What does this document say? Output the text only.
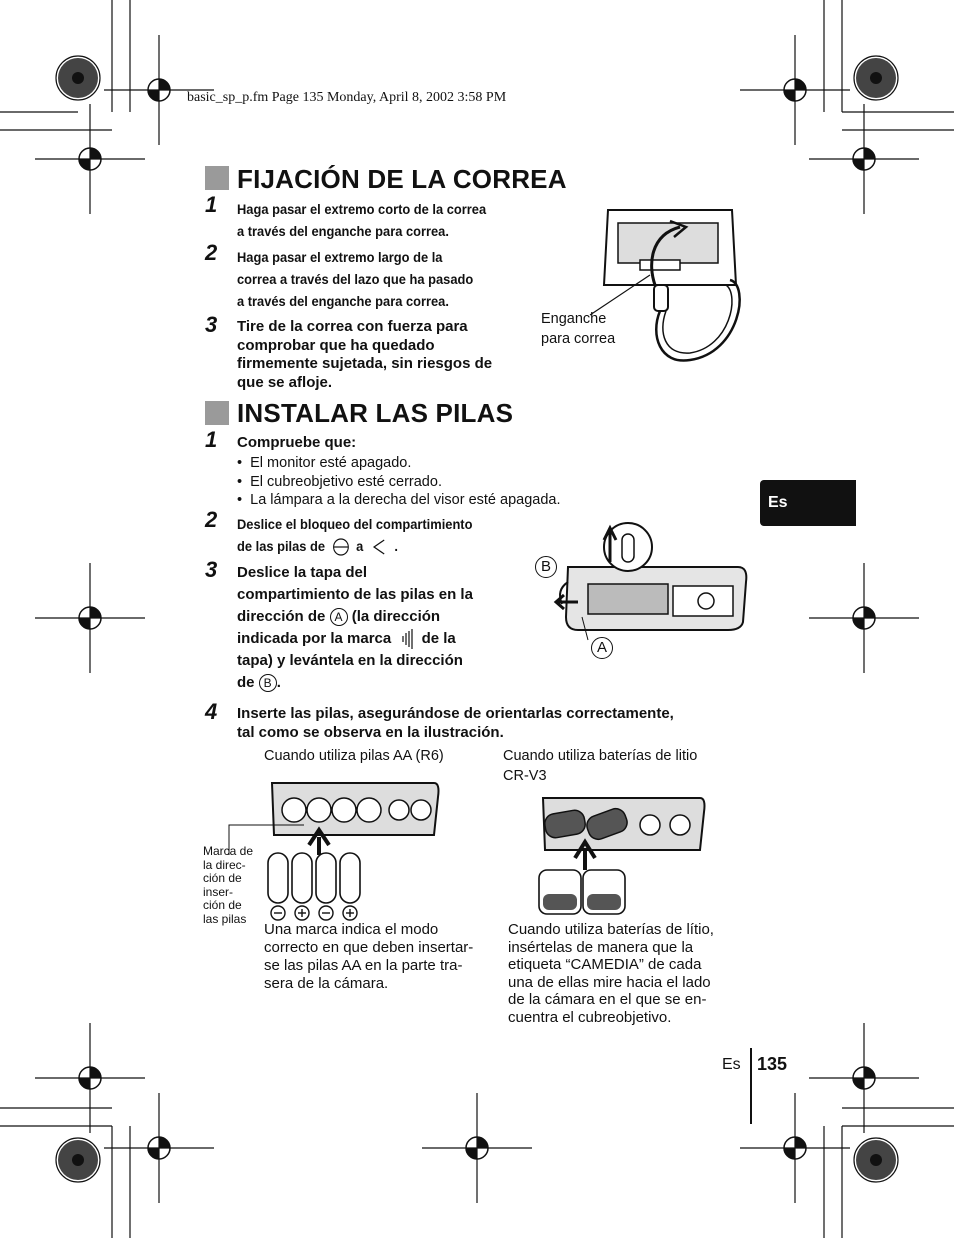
basic_sp_p.fm Page 135 Monday, April 8, 2002 3:58 PM
FIJACIÓN DE LA CORREA
1 Haga pasar el extremo corto de la correa
a través del enganche para correa.
2 Haga pasar el extremo largo de la
correa a través del lazo que ha pasado
a través del enganche para correa.
3 Tire de la correa con fuerza para
comprobar que ha quedado
firmemente sujetada, sin riesgos de
que se afloje.
Enganche
para correa
INSTALAR LAS PILAS
1 Compruebe que:
•  El monitor esté apagado.
•  El cubreobjetivo esté cerrado.
•  La lámpara a la derecha del visor esté apagada.
2 Deslice el bloqueo del compartimiento
de las pilas de a .
3 Deslice la tapa del
compartimiento de las pilas en la
dirección de A (la dirección
indicada por la marca de la
tapa) y levántela en la dirección
de B .
B
A
4 Inserte las pilas, asegurándose de orientarlas correctamente,
tal como se observa en la ilustración.
Cuando utiliza pilas AA (R6)	Cuando utiliza baterías de litio
CR-V3
Marca de
la direc-
ción de
inser-
ción de
las pilas
Una marca indica el modo
correcto en que deben insertar-
se las pilas AA en la parte tra-
sera de la cámara.
Cuando utiliza baterías de lítio,
insértelas de manera que la
etiqueta “CAMEDIA” de cada
una de ellas mire hacia el lado
de la cámara en el que se en-
cuentra el cubreobjetivo.
Es
Es 135
